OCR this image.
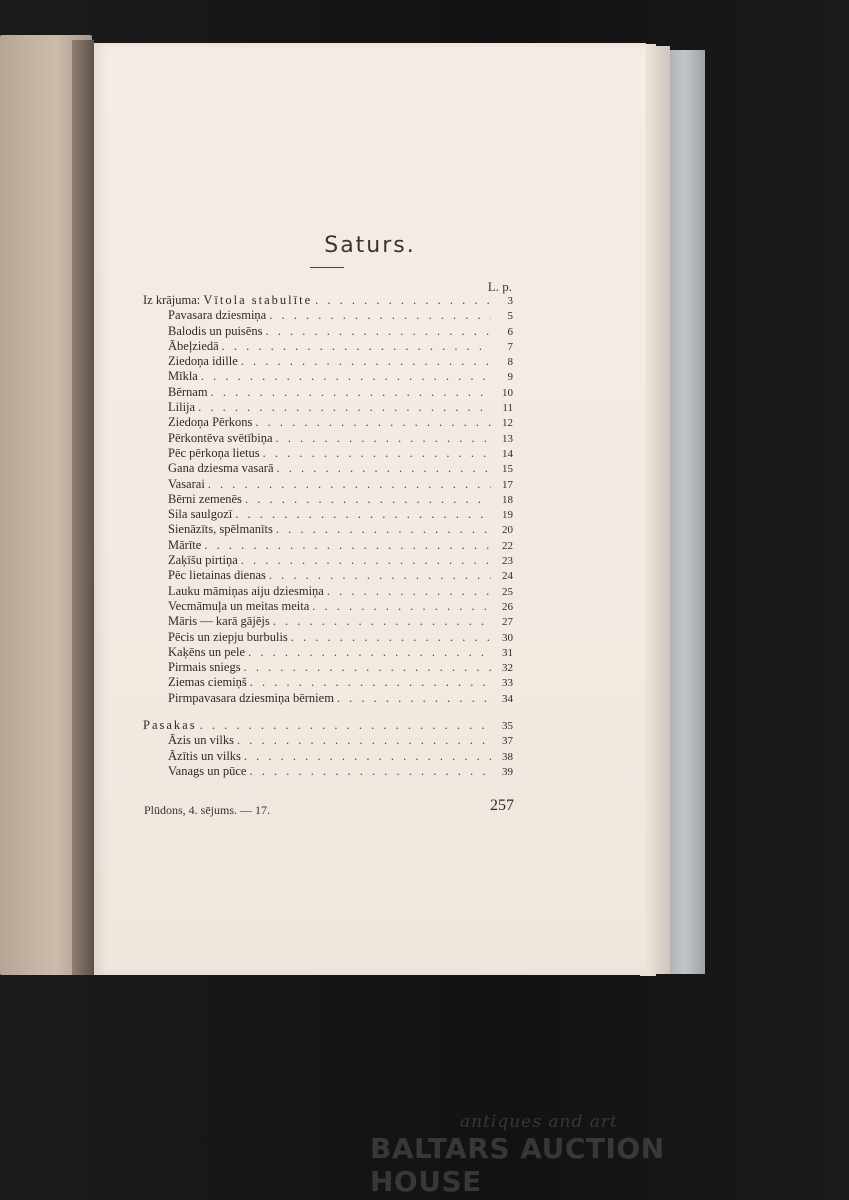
Saturs.
L. p.
Iz krājuma: Vītola stabulīte . . .	3
Pavasara dziesmiņa . . .	5
Balodis un puisēns . . .	6
Ābeļziedā . . .	7
Ziedoņa idille . . .	8
Mīkla . . .	9
Bērnam . . .	10
Lilija . . .	11
Ziedoņa Pērkons . . .	12
Pērkontēva svētībiņa . . .	13
Pēc pērkoņa lietus . . .	14
Gana dziesma vasarā . . .	15
Vasarai . . .	17
Bērni zemenēs . . .	18
Sila saulgozī . . .	19
Sienāzīts, spēlmanīts . . .	20
Mārīte . . .	22
Zaķīšu pirtiņa . . .	23
Pēc lietainas dienas . . .	24
Lauku māmiņas aiju dziesmiņa . . .	25
Vecmāmuļa un meitas meita . . .	26
Māris — karā gājējs . . .	27
Pēcis un ziepju burbulis . . .	30
Kaķēns un pele . . .	31
Pirmais sniegs . . .	32
Ziemas ciemiņš . . .	33
Pirmpavasara dziesmiņa bērniem . . .	34
Pasakas . . .	35
Āzis un vilks . . .	37
Āzītis un vilks . . .	38
Vanags un pūce . . .	39
Plūdons, 4. sējums. — 17.	257
antiques and art
BALTARS AUCTION HOUSE
